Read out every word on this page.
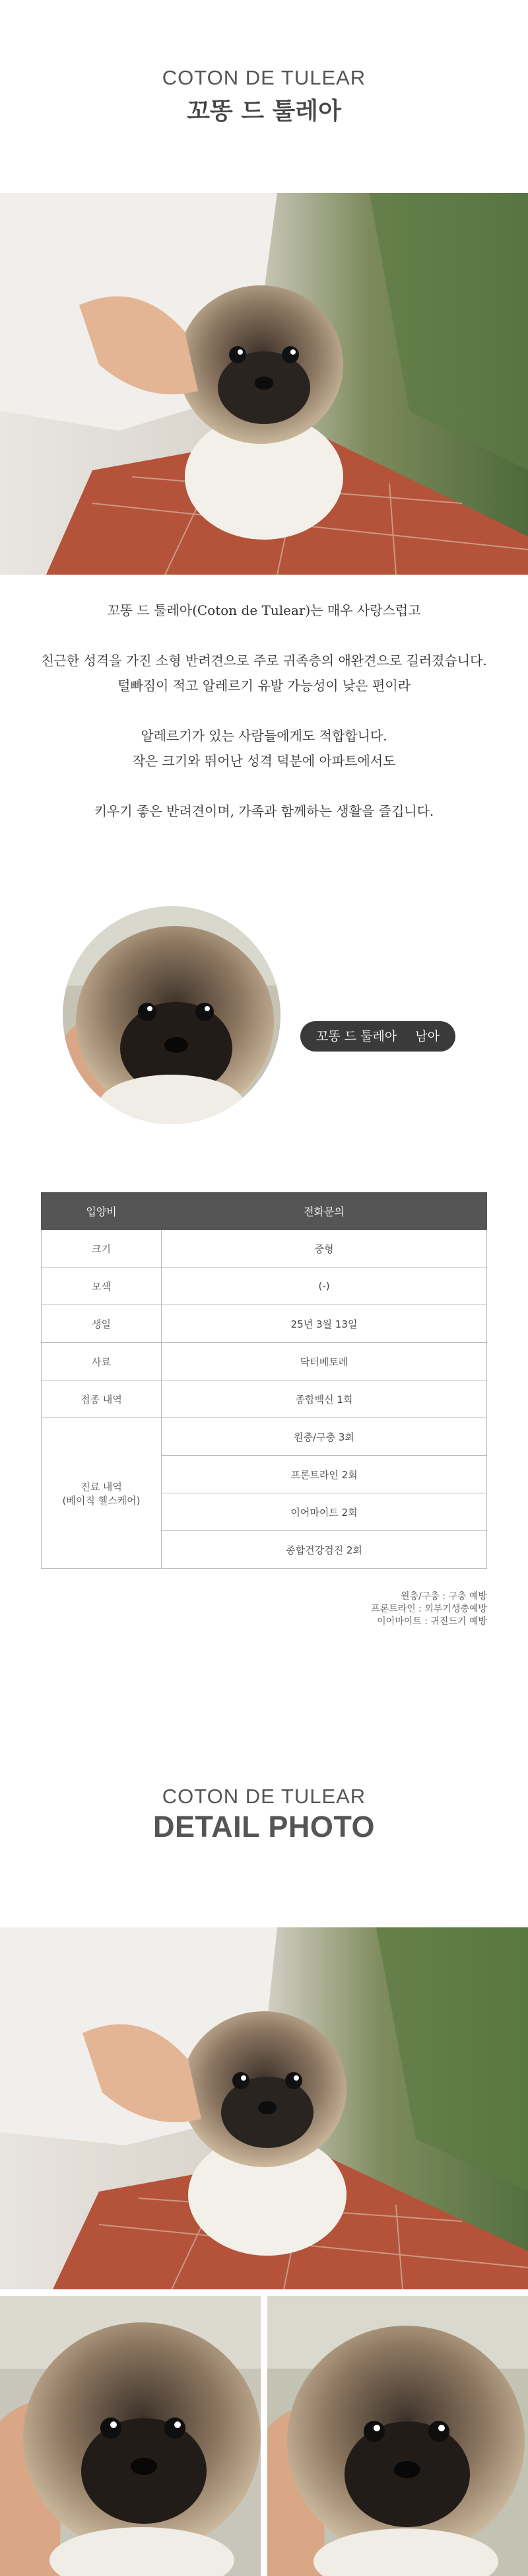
COTON DE TULEAR
꼬똥 드 툴레아

꼬똥 드 툴레아(Coton de Tulear)는 매우 사랑스럽고

친근한 성격을 가진 소형 반려견으로 주로 귀족층의 애완견으로 길러졌습니다.

털빠짐이 적고 알레르기 유발 가능성이 낮은 편이라

알레르기가 있는 사람들에게도 적합합니다.

작은 크기와 뛰어난 성격 덕분에 아파트에서도

키우기 좋은 반려견이며, 가족과 함께하는 생활을 즐깁니다.

꼬똥 드 툴레아 남아
입양비	전화문의
크기	중형
모색	(-)
생일	25년 3월 13일
사료	닥터베토레
접종 내역	종합백신 1회

진료 내역
(베이직 헬스케어)	원충/구충 3회
	프론트라인 2회
	이어마이트 2회
	종합건강검진 2회
원충/구충 : 구충 예방
프론트라인 : 외부기생충예방
이어마이트 : 귀진드기 예방
COTON DE TULEAR
DETAIL PHOTO
